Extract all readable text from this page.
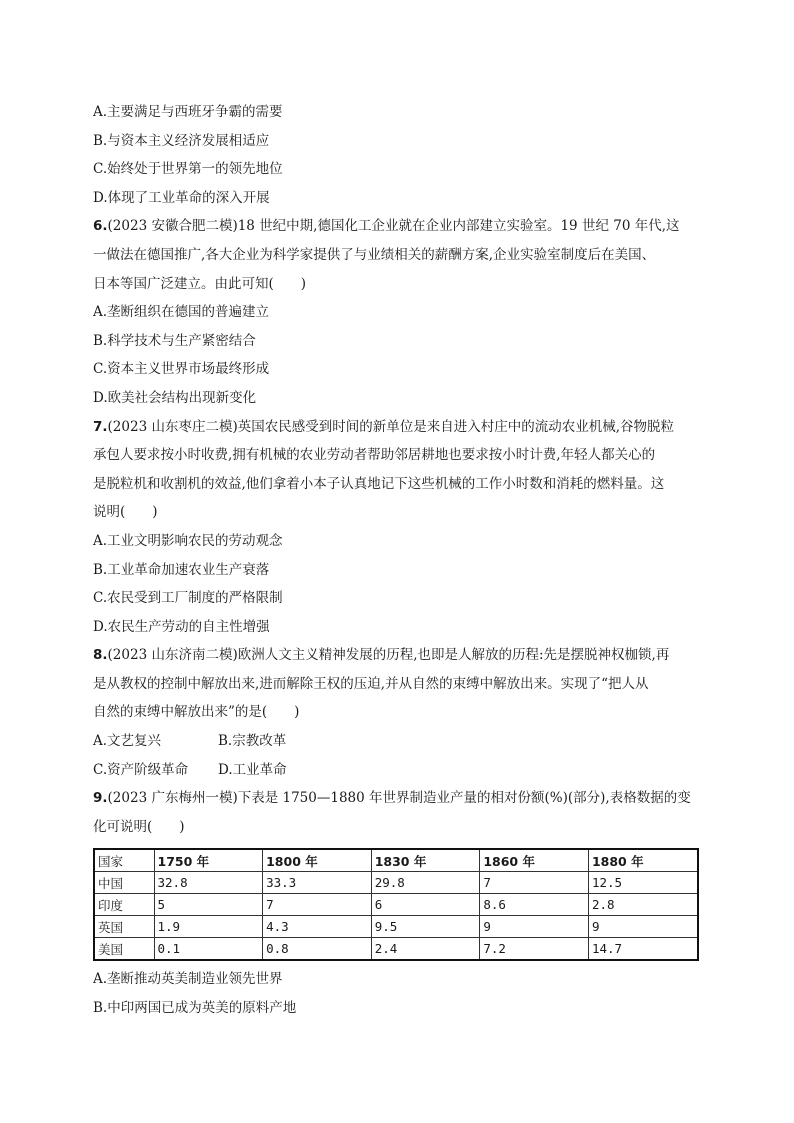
A.主要满足与西班牙争霸的需要
B.与资本主义经济发展相适应
C.始终处于世界第一的领先地位
D.体现了工业革命的深入开展
6.(2023 安徽合肥二模)18 世纪中期,德国化工企业就在企业内部建立实验室。19 世纪 70 年代,这
一做法在德国推广,各大企业为科学家提供了与业绩相关的薪酬方案,企业实验室制度后在美国、
日本等国广泛建立。由此可知(　　)
A.垄断组织在德国的普遍建立
B.科学技术与生产紧密结合
C.资本主义世界市场最终形成
D.欧美社会结构出现新变化
7.(2023 山东枣庄二模)英国农民感受到时间的新单位是来自进入村庄中的流动农业机械,谷物脱粒
承包人要求按小时收费,拥有机械的农业劳动者帮助邻居耕地也要求按小时计费,年轻人都关心的
是脱粒机和收割机的效益,他们拿着小本子认真地记下这些机械的工作小时数和消耗的燃料量。这
说明(　　)
A.工业文明影响农民的劳动观念
B.工业革命加速农业生产衰落
C.农民受到工厂制度的严格限制
D.农民生产劳动的自主性增强
8.(2023 山东济南二模)欧洲人文主义精神发展的历程,也即是人解放的历程:先是摆脱神权枷锁,再
是从教权的控制中解放出来,进而解除王权的压迫,并从自然的束缚中解放出来。实现了“把人从
自然的束缚中解放出来”的是(　　)
A.文艺复兴	B.宗教改革
C.资产阶级革命 D.工业革命
9.(2023 广东梅州一模)下表是 1750—1880 年世界制造业产量的相对份额(%)(部分),表格数据的变
化可说明(　　)
国家	1750 年	1800 年	1830 年	1860 年	1880 年
中国	32.8	33.3	29.8	7	12.5
印度	5	7	6	8.6	2.8
英国	1.9	4.3	9.5	9	9
美国	0.1	0.8	2.4	7.2	14.7
A.垄断推动英美制造业领先世界
B.中印两国已成为英美的原料产地
